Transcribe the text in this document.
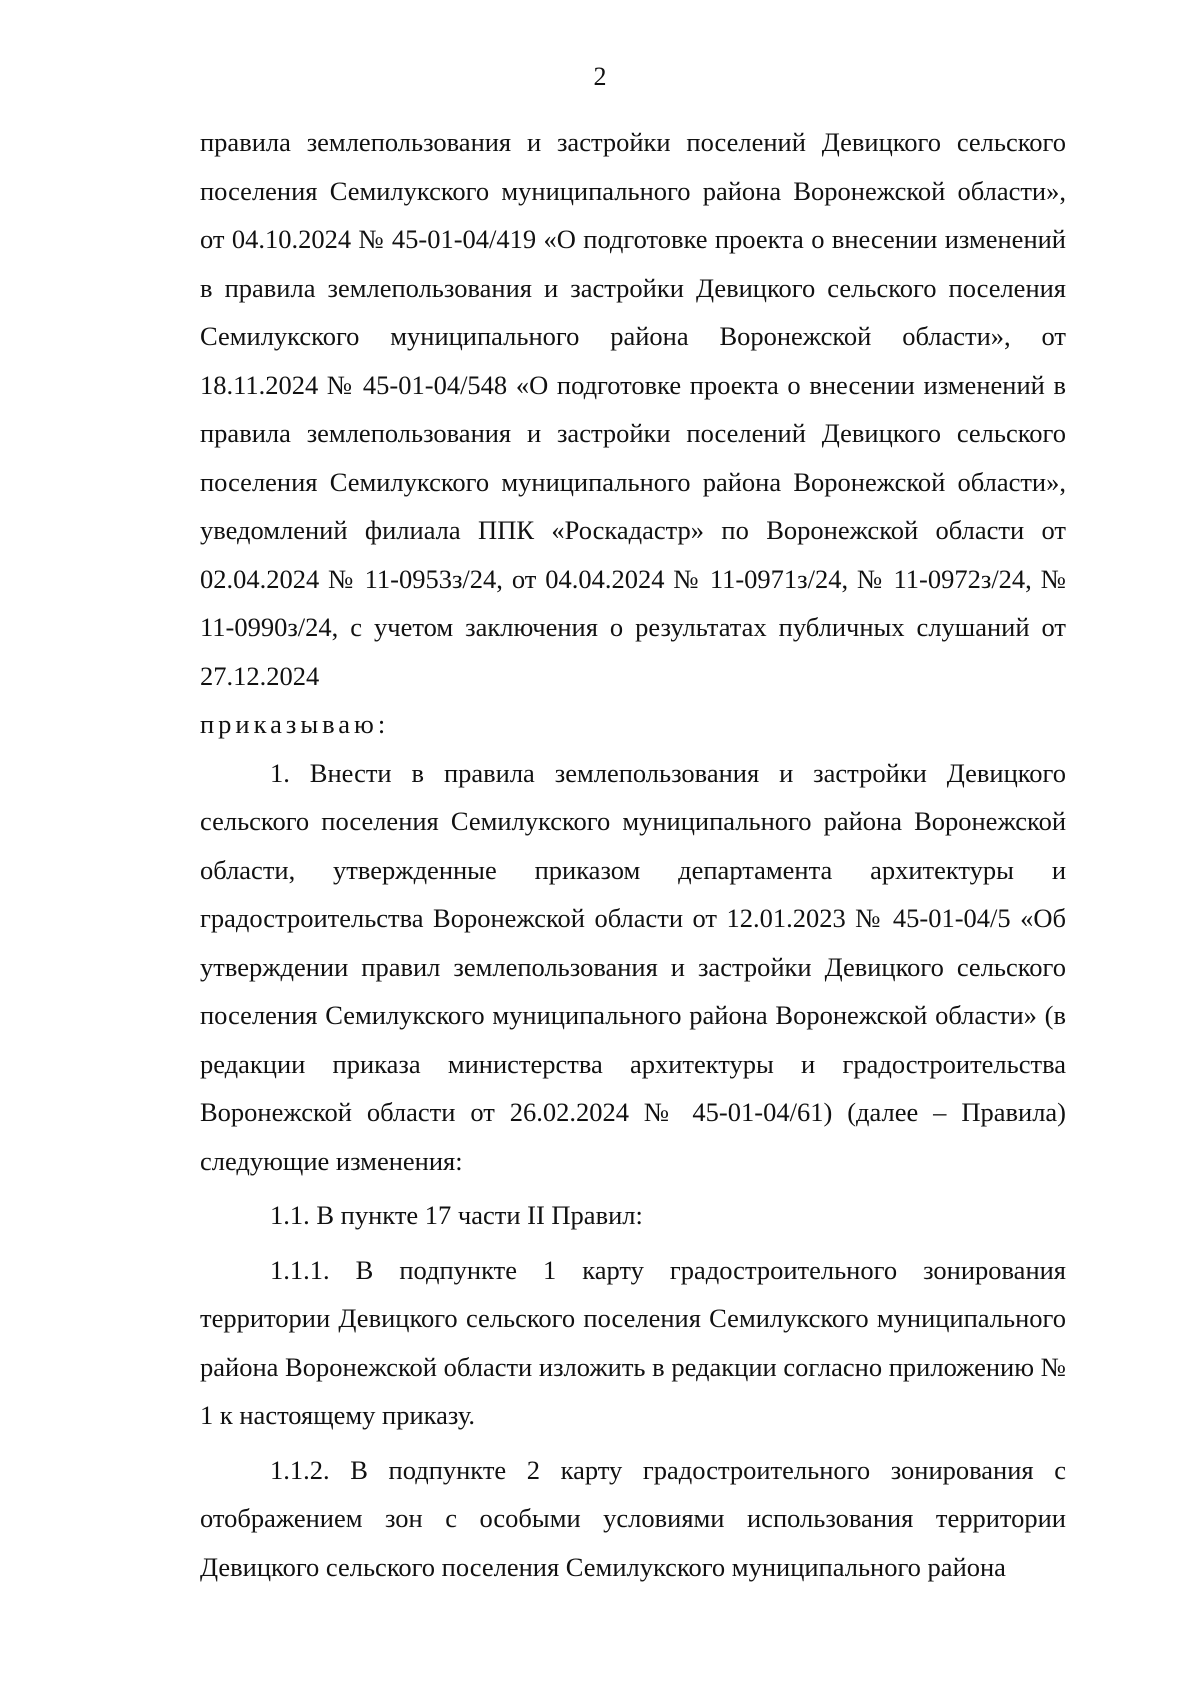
2

правила землепользования и застройки поселений Девицкого сельского поселения Семилукского муниципального района Воронежской области», от 04.10.2024 № 45-01-04/419 «О подготовке проекта о внесении изменений в правила землепользования и застройки Девицкого сельского поселения Семилукского муниципального района Воронежской области», от 18.11.2024 № 45-01-04/548 «О подготовке проекта о внесении изменений в правила землепользования и застройки поселений Девицкого сельского поселения Семилукского муниципального района Воронежской области», уведомлений филиала ППК «Роскадастр» по Воронежской области от 02.04.2024 № 11-0953з/24, от 04.04.2024 № 11-0971з/24, № 11-0972з/24, № 11-0990з/24, с учетом заключения о результатах публичных слушаний от 27.12.2024

приказываю:

1. Внести в правила землепользования и застройки Девицкого сельского поселения Семилукского муниципального района Воронежской области, утвержденные приказом департамента архитектуры и градостроительства Воронежской области от 12.01.2023 № 45-01-04/5 «Об утверждении правил землепользования и застройки Девицкого сельского поселения Семилукского муниципального района Воронежской области» (в редакции приказа министерства архитектуры и градостроительства Воронежской области от 26.02.2024 № 45-01-04/61) (далее – Правила) следующие изменения:

1.1. В пункте 17 части II Правил:

1.1.1. В подпункте 1 карту градостроительного зонирования территории Девицкого сельского поселения Семилукского муниципального района Воронежской области изложить в редакции согласно приложению № 1 к настоящему приказу.

1.1.2. В подпункте 2 карту градостроительного зонирования с отображением зон с особыми условиями использования территории Девицкого сельского поселения Семилукского муниципального района
